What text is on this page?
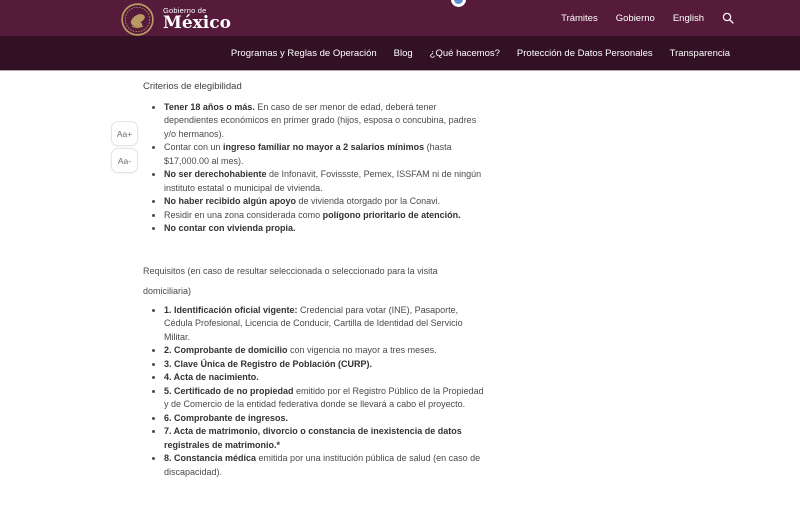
Gobierno de
México	Trámites Gobierno English
Programas y Reglas de Operación Blog ¿Qué hacemos? Protección de Datos Personales Transparencia
Aa+
Aa-
Criterios de elegibilidad
• Tener 18 años o más. En caso de ser menor de edad, deberá tener dependientes económicos en primer grado (hijos, esposa o concubina, padres y/o hermanos).
• Contar con un ingreso familiar no mayor a 2 salarios mínimos (hasta $17,000.00 al mes).
• No ser derechohabiente de Infonavit, Fovissste, Pemex, ISSFAM ni de ningún instituto estatal o municipal de vivienda.
• No haber recibido algún apoyo de vivienda otorgado por la Conavi.
• Residir en una zona considerada como polígono prioritario de atención.
• No contar con vivienda propia.

Requisitos (en caso de resultar seleccionada o seleccionado para la visita domiciliaria)

• 1. Identificación oficial vigente: Credencial para votar (INE), Pasaporte, Cédula Profesional, Licencia de Conducir, Cartilla de Identidad del Servicio Militar.
• 2. Comprobante de domicilio con vigencia no mayor a tres meses.
• 3. Clave Única de Registro de Población (CURP).
• 4. Acta de nacimiento.
• 5. Certificado de no propiedad emitido por el Registro Público de la Propiedad y de Comercio de la entidad federativa donde se llevará a cabo el proyecto.
• 6. Comprobante de ingresos.
• 7. Acta de matrimonio, divorcio o constancia de inexistencia de datos registrales de matrimonio.*
• 8. Constancia médica emitida por una institución pública de salud (en caso de discapacidad).
